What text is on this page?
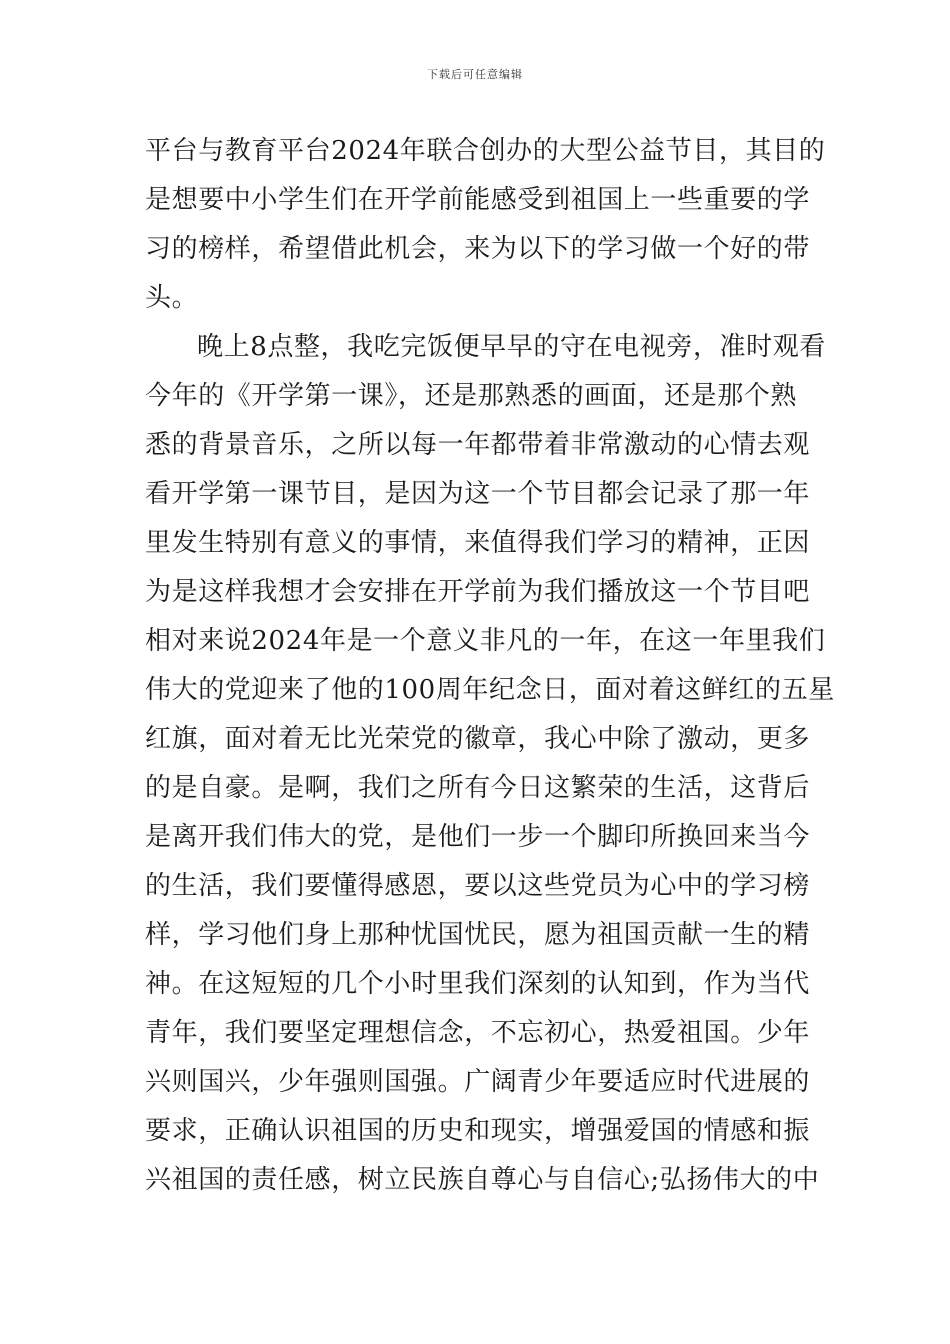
下载后可任意编辑
平台与教育平台2024年联合创办的大型公益节目，其目的
是想要中小学生们在开学前能感受到祖国上一些重要的学
习的榜样，希望借此机会，来为以下的学习做一个好的带
头。
晚上8点整，我吃完饭便早早的守在电视旁，准时观看
今年的《开学第一课》，还是那熟悉的画面，还是那个熟
悉的背景音乐，之所以每一年都带着非常激动的心情去观
看开学第一课节目，是因为这一个节目都会记录了那一年
里发生特别有意义的事情，来值得我们学习的精神，正因
为是这样我想才会安排在开学前为我们播放这一个节目吧
相对来说2024年是一个意义非凡的一年，在这一年里我们
伟大的党迎来了他的100周年纪念日，面对着这鲜红的五星
红旗，面对着无比光荣党的徽章，我心中除了激动，更多
的是自豪。是啊，我们之所有今日这繁荣的生活，这背后
是离开我们伟大的党，是他们一步一个脚印所换回来当今
的生活，我们要懂得感恩，要以这些党员为心中的学习榜
样，学习他们身上那种忧国忧民，愿为祖国贡献一生的精
神。在这短短的几个小时里我们深刻的认知到，作为当代
青年，我们要坚定理想信念，不忘初心，热爱祖国。少年
兴则国兴，少年强则国强。广阔青少年要适应时代进展的
要求，正确认识祖国的历史和现实，增强爱国的情感和振
兴祖国的责任感，树立民族自尊心与自信心;弘扬伟大的中
